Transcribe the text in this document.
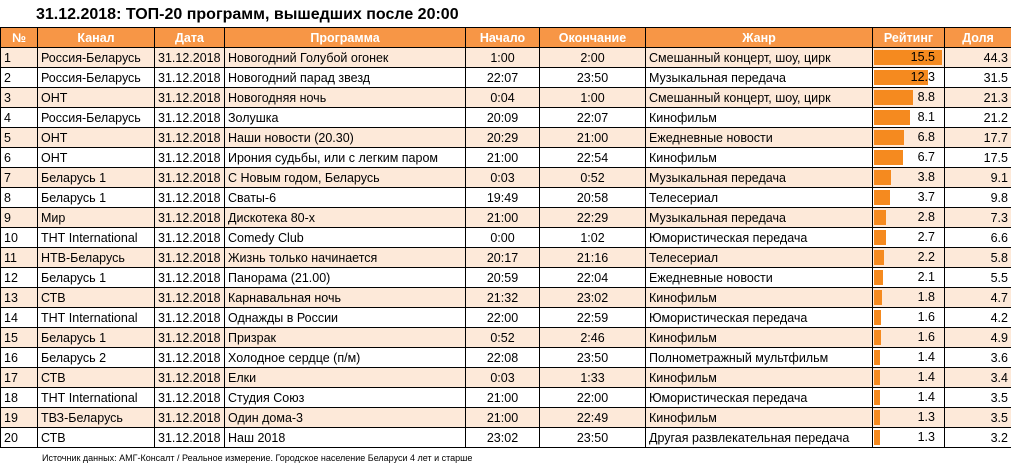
31.12.2018: ТОП-20 программ, вышедших после 20:00
№	Канал	Дата	Программа	Начало	Окончание	Жанр	Рейтинг	Доля
1	Россия-Беларусь	31.12.2018	Новогодний Голубой огонек	1:00	2:00	Смешанный концерт, шоу, цирк	15.5	44.3
2	Россия-Беларусь	31.12.2018	Новогодний парад звезд	22:07	23:50	Музыкальная передача	12.3	31.5
3	ОНТ	31.12.2018	Новогодняя ночь	0:04	1:00	Смешанный концерт, шоу, цирк	8.8	21.3
4	Россия-Беларусь	31.12.2018	Золушка	20:09	22:07	Кинофильм	8.1	21.2
5	ОНТ	31.12.2018	Наши новости (20.30)	20:29	21:00	Ежедневные новости	6.8	17.7
6	ОНТ	31.12.2018	Ирония судьбы, или с легким паром	21:00	22:54	Кинофильм	6.7	17.5
7	Беларусь 1	31.12.2018	С Новым годом, Беларусь	0:03	0:52	Музыкальная передача	3.8	9.1
8	Беларусь 1	31.12.2018	Сваты-6	19:49	20:58	Телесериал	3.7	9.8
9	Мир	31.12.2018	Дискотека 80-х	21:00	22:29	Музыкальная передача	2.8	7.3
10	ТНТ International	31.12.2018	Comedy Club	0:00	1:02	Юмористическая передача	2.7	6.6
11	НТВ-Беларусь	31.12.2018	Жизнь только начинается	20:17	21:16	Телесериал	2.2	5.8
12	Беларусь 1	31.12.2018	Панорама (21.00)	20:59	22:04	Ежедневные новости	2.1	5.5
13	СТВ	31.12.2018	Карнавальная ночь	21:32	23:02	Кинофильм	1.8	4.7
14	ТНТ International	31.12.2018	Однажды в России	22:00	22:59	Юмористическая передача	1.6	4.2
15	Беларусь 1	31.12.2018	Призрак	0:52	2:46	Кинофильм	1.6	4.9
16	Беларусь 2	31.12.2018	Холодное сердце (п/м)	22:08	23:50	Полнометражный мультфильм	1.4	3.6
17	СТВ	31.12.2018	Елки	0:03	1:33	Кинофильм	1.4	3.4
18	ТНТ International	31.12.2018	Студия Союз	21:00	22:00	Юмористическая передача	1.4	3.5
19	ТВЗ-Беларусь	31.12.2018	Один дома-3	21:00	22:49	Кинофильм	1.3	3.5
20	СТВ	31.12.2018	Наш 2018	23:02	23:50	Другая развлекательная передача	1.3	3.2
Источник данных: АМГ-Консалт / Реальное измерение. Городское население Беларуси 4 лет и старше
